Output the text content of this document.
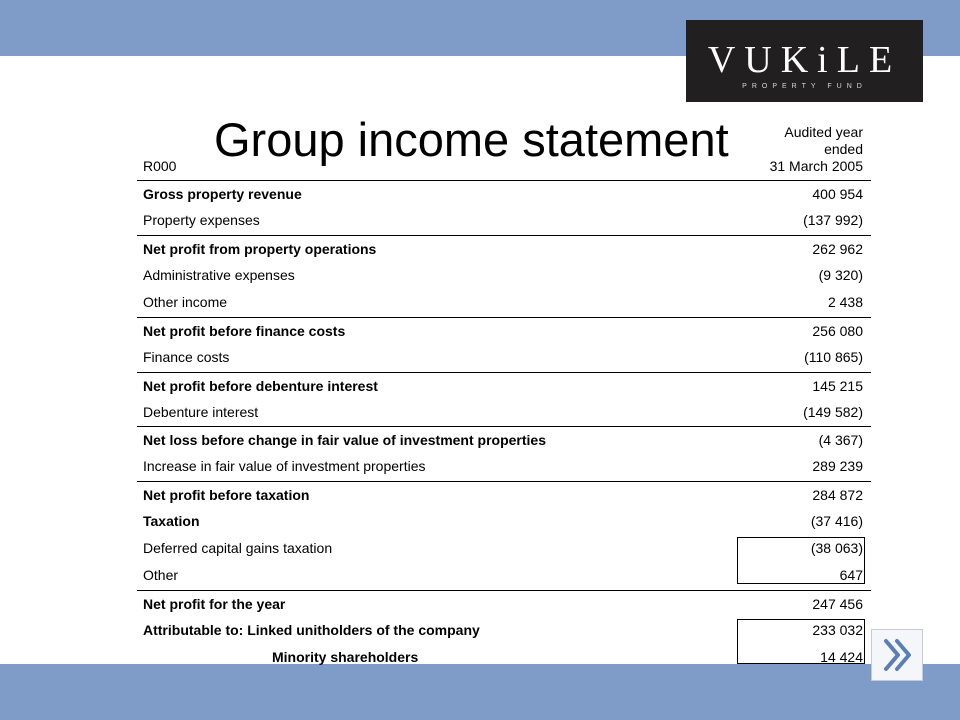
VUKiLE
PROPERTY FUND
Group income statement
R000
Audited year
ended
31 March 2005
Gross property revenue	400 954
Property expenses	(137 992)
Net profit from property operations	262 962
Administrative expenses	(9 320)
Other income	2 438
Net profit before finance costs	256 080
Finance costs	(110 865)
Net profit before debenture interest	145 215
Debenture interest	(149 582)
Net loss before change in fair value of investment properties	(4 367)
Increase in fair value of investment properties	289 239
Net profit before taxation	284 872
Taxation	(37 416)
Deferred capital gains taxation	(38 063)
Other	647
Net profit for the year	247 456
Attributable to: Linked unitholders of the company	233 032
Minority shareholders	14 424
